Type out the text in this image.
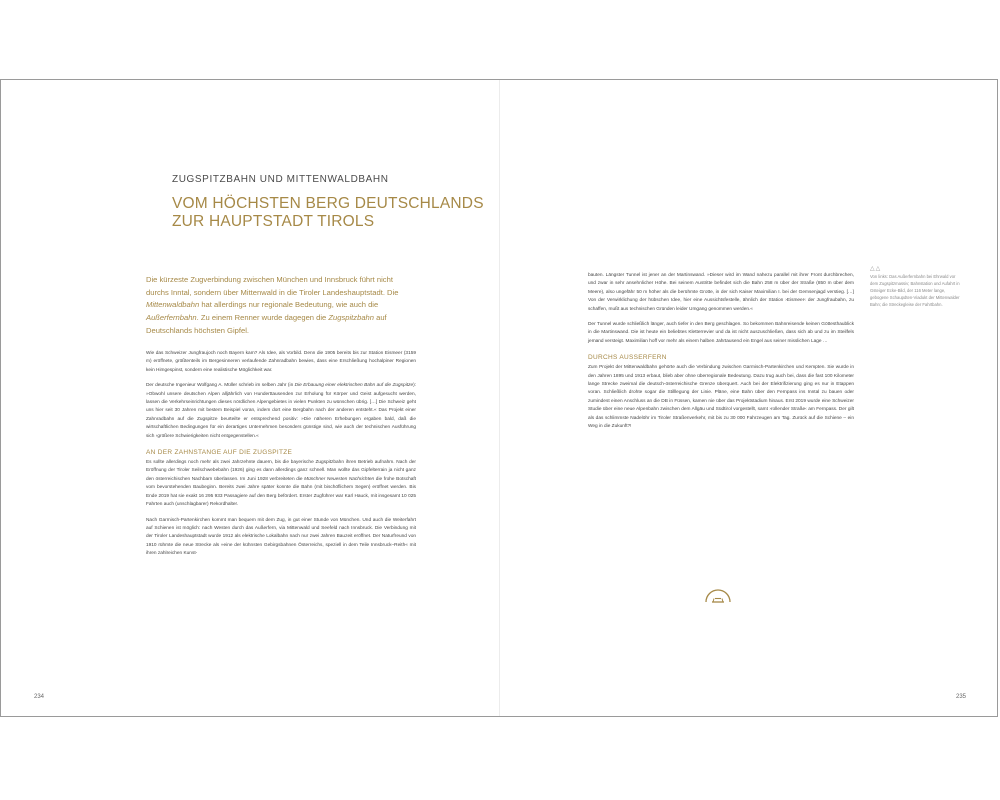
ZUGSPITZBAHN UND MITTENWALDBAHN
VOM HÖCHSTEN BERG DEUTSCHLANDS
ZUR HAUPTSTADT TIROLS
Die kürzeste Zugverbindung zwischen München und Innsbruck führt nicht durchs Inntal, sondern über Mittenwald in die Tiroler Landeshauptstadt. Die Mittenwaldbahn hat allerdings nur regionale Bedeutung, wie auch die Außerfernbahn. Zu einem Renner wurde dagegen die Zugspitzbahn auf Deutschlands höchsten Gipfel.

Wie das Schweizer Jungfraujoch noch Bayern kam? Als Idee, als Vorbild. Denn die 1905 bereits bis zur Station Eismeer (3159 m) eröffnete, größtenteils im Bergesinneren verlaufende Zahnradbahn bewies, dass eine Erschließung hochalpiner Regionen kein Himgespinst, sondern eine realistische Möglichkeit war.

Der deutsche Ingenieur Wolfgang A. Müller schrieb im selben Jahr (in Die Erbauung einer elektrischen Bahn auf die Zugspitze): »Obwohl unsere deutschen Alpen alljährlich von Hunderttausenden zur Erholung für Körper und Geist aufgesucht werden, lassen die Verkehrseinrichtungen dieses nördlichen Alpengebietes in vielen Punkten zu wünschen übrig. […] Die Schweiz geht uns hier seit 30 Jahren mit bestem Beispiel voran, indem dort eine Bergbahn nach der anderen entsteht.« Das Projekt einer Zahnradbahn auf die Zugspitze beurteilte er entsprechend positiv: »Die näheren Erhebungen ergaben bald, daß die wirtschaftlichen Bedingungen für ein derartiges Unternehmen besonders günstige sind, wie auch der technischen Ausführung sich ›größere Schwierigkeiten nicht entgegenstellen.«

AN DER ZAHNSTANGE AUF DIE ZUGSPITZE

Es sollte allerdings noch mehr als zwei Jahrzehnte dauern, bis die bayerische Zugspitzbahn ihren Betrieb aufnahm. Nach der Eröffnung der Tiroler Seilschwebebahn (1926) ging es dann allerdings ganz schnell. Man wollte das Gipfelterrain ja nicht ganz den österreichischen Nachbarn überlassen. Im Juni 1928 verbreiteten die Münchner Neuesten Nachrichten die frohe Botschaft vom bevorstehenden Baubeginn. Bereits zwei Jahre später konnte die Bahn (mit bischöflichem Segen) eröffnet werden. Bis Ende 2019 hat sie exakt 16 295 933 Passagiere auf den Berg befördert. Erster Zugführer war Karl Hauck, mit insgesamt 10 025 Fahrten auch (unschlagbarer) Rekordhalter.

Nach Garmisch-Partenkirchen kommt man bequem mit dem Zug, in gut einer Stunde von München. Und auch die Weiterfahrt auf Schienen ist möglich: nach Westen durch das Außerfern, via Mittenwald und Seefeld nach Innsbruck. Die Verbindung mit der Tiroler Landeshauptstadt wurde 1912 als elektrische Lokalbahn nach nur zwei Jahren Bauzeit eröffnet. Der Naturfreund von 1910 rühmte die neue Strecke als »eine der kühnsten Gebirgsbahnen Österreichs, speziell in dem Teile Innsbruck–Reith« mit ihren zahlreichen Kunst-

bauten. Längster Tunnel ist jener an der Martinswand. »Dieser wird im Wand nahezu parallel mit ihrer Front durchbrechen, und zwar in sehr ansehnlicher Höhe. Bei seinem Austritte befindet sich die Bahn 258 m über der Straße (850 m über dem Meere), also ungefähr 50 m höher als die berühmte Grotte, in der sich Kaiser Maximilian I. bei der Gemsenjagd verstieg. […] Von der Verwirklichung der hübschen Idee, hier eine Aussichtsfestelle, ähnlich der Station ›Eismeer‹ der Jungfraubahn, zu schaffen, mußt aus technischen Gründen leider Umgang genommen werden.«

Der Tunnel wurde schließlich länger, auch tiefer in den Berg geschlagen. So bekommen Bahnreisende keinen Göttesthaublick in die Martinswand. Die ist heute ein beliebtes Kletterrevier und da ist nicht auszuschließen, dass sich ab und zu im Steilfels jemand versteigt. Maximilian hoff vor mehr als einem halben Jahrtausend ein Engel aus seiner misslichen Lage …

DURCHS AUSSERFERN

Zum Projekt der Mittenwaldbahn gehörte auch die Verbindung zwischen Garmisch-Partenkirchen und Kempten. Sie wurde in den Jahren 1895 und 1913 erbaut, blieb aber ohne überregionale Bedeutung. Dazu trug auch bei, dass die fast 100 Kilometer lange Strecke zweimal die deutsch-österreichische Grenze überquert. Auch bei der Elektrifizierung ging es nur in Etappen voran. Schließlich drohte sogar die Stilllegung der Linie. Pläne, eine Bahn über den Fernpass ins Inntal zu bauen oder zumindest einen Anschluss an die DB in Füssen, kamen nie über das Projektstadium hinaus. Erst 2019 wurde eine Schweizer Studie über eine neue Alpenbahn zwischen dem Allgäu und Südtirol vorgestellt, samt ›rollender Straße‹ am Fernpass. Der gilt als das schlimmste Nadelöhr im Tiroler Straßenverkehr, mit bis zu 30 000 Fahrzeugen am Tag. Zurück auf die Schiene – ein Weg in die Zukunft?!

△△
Von links: Das Außerfernbahn bei Ehrwald vor dem Zugspitzmassiv; Bahnstation und Aufahrt in Gsteiger Ecke-Bild, der 116 Meter lange, gebogene Schaupdten-Viadukt der Mittenwalder Bahn; die Streckegleise der Fahrtbahn.
234	235
